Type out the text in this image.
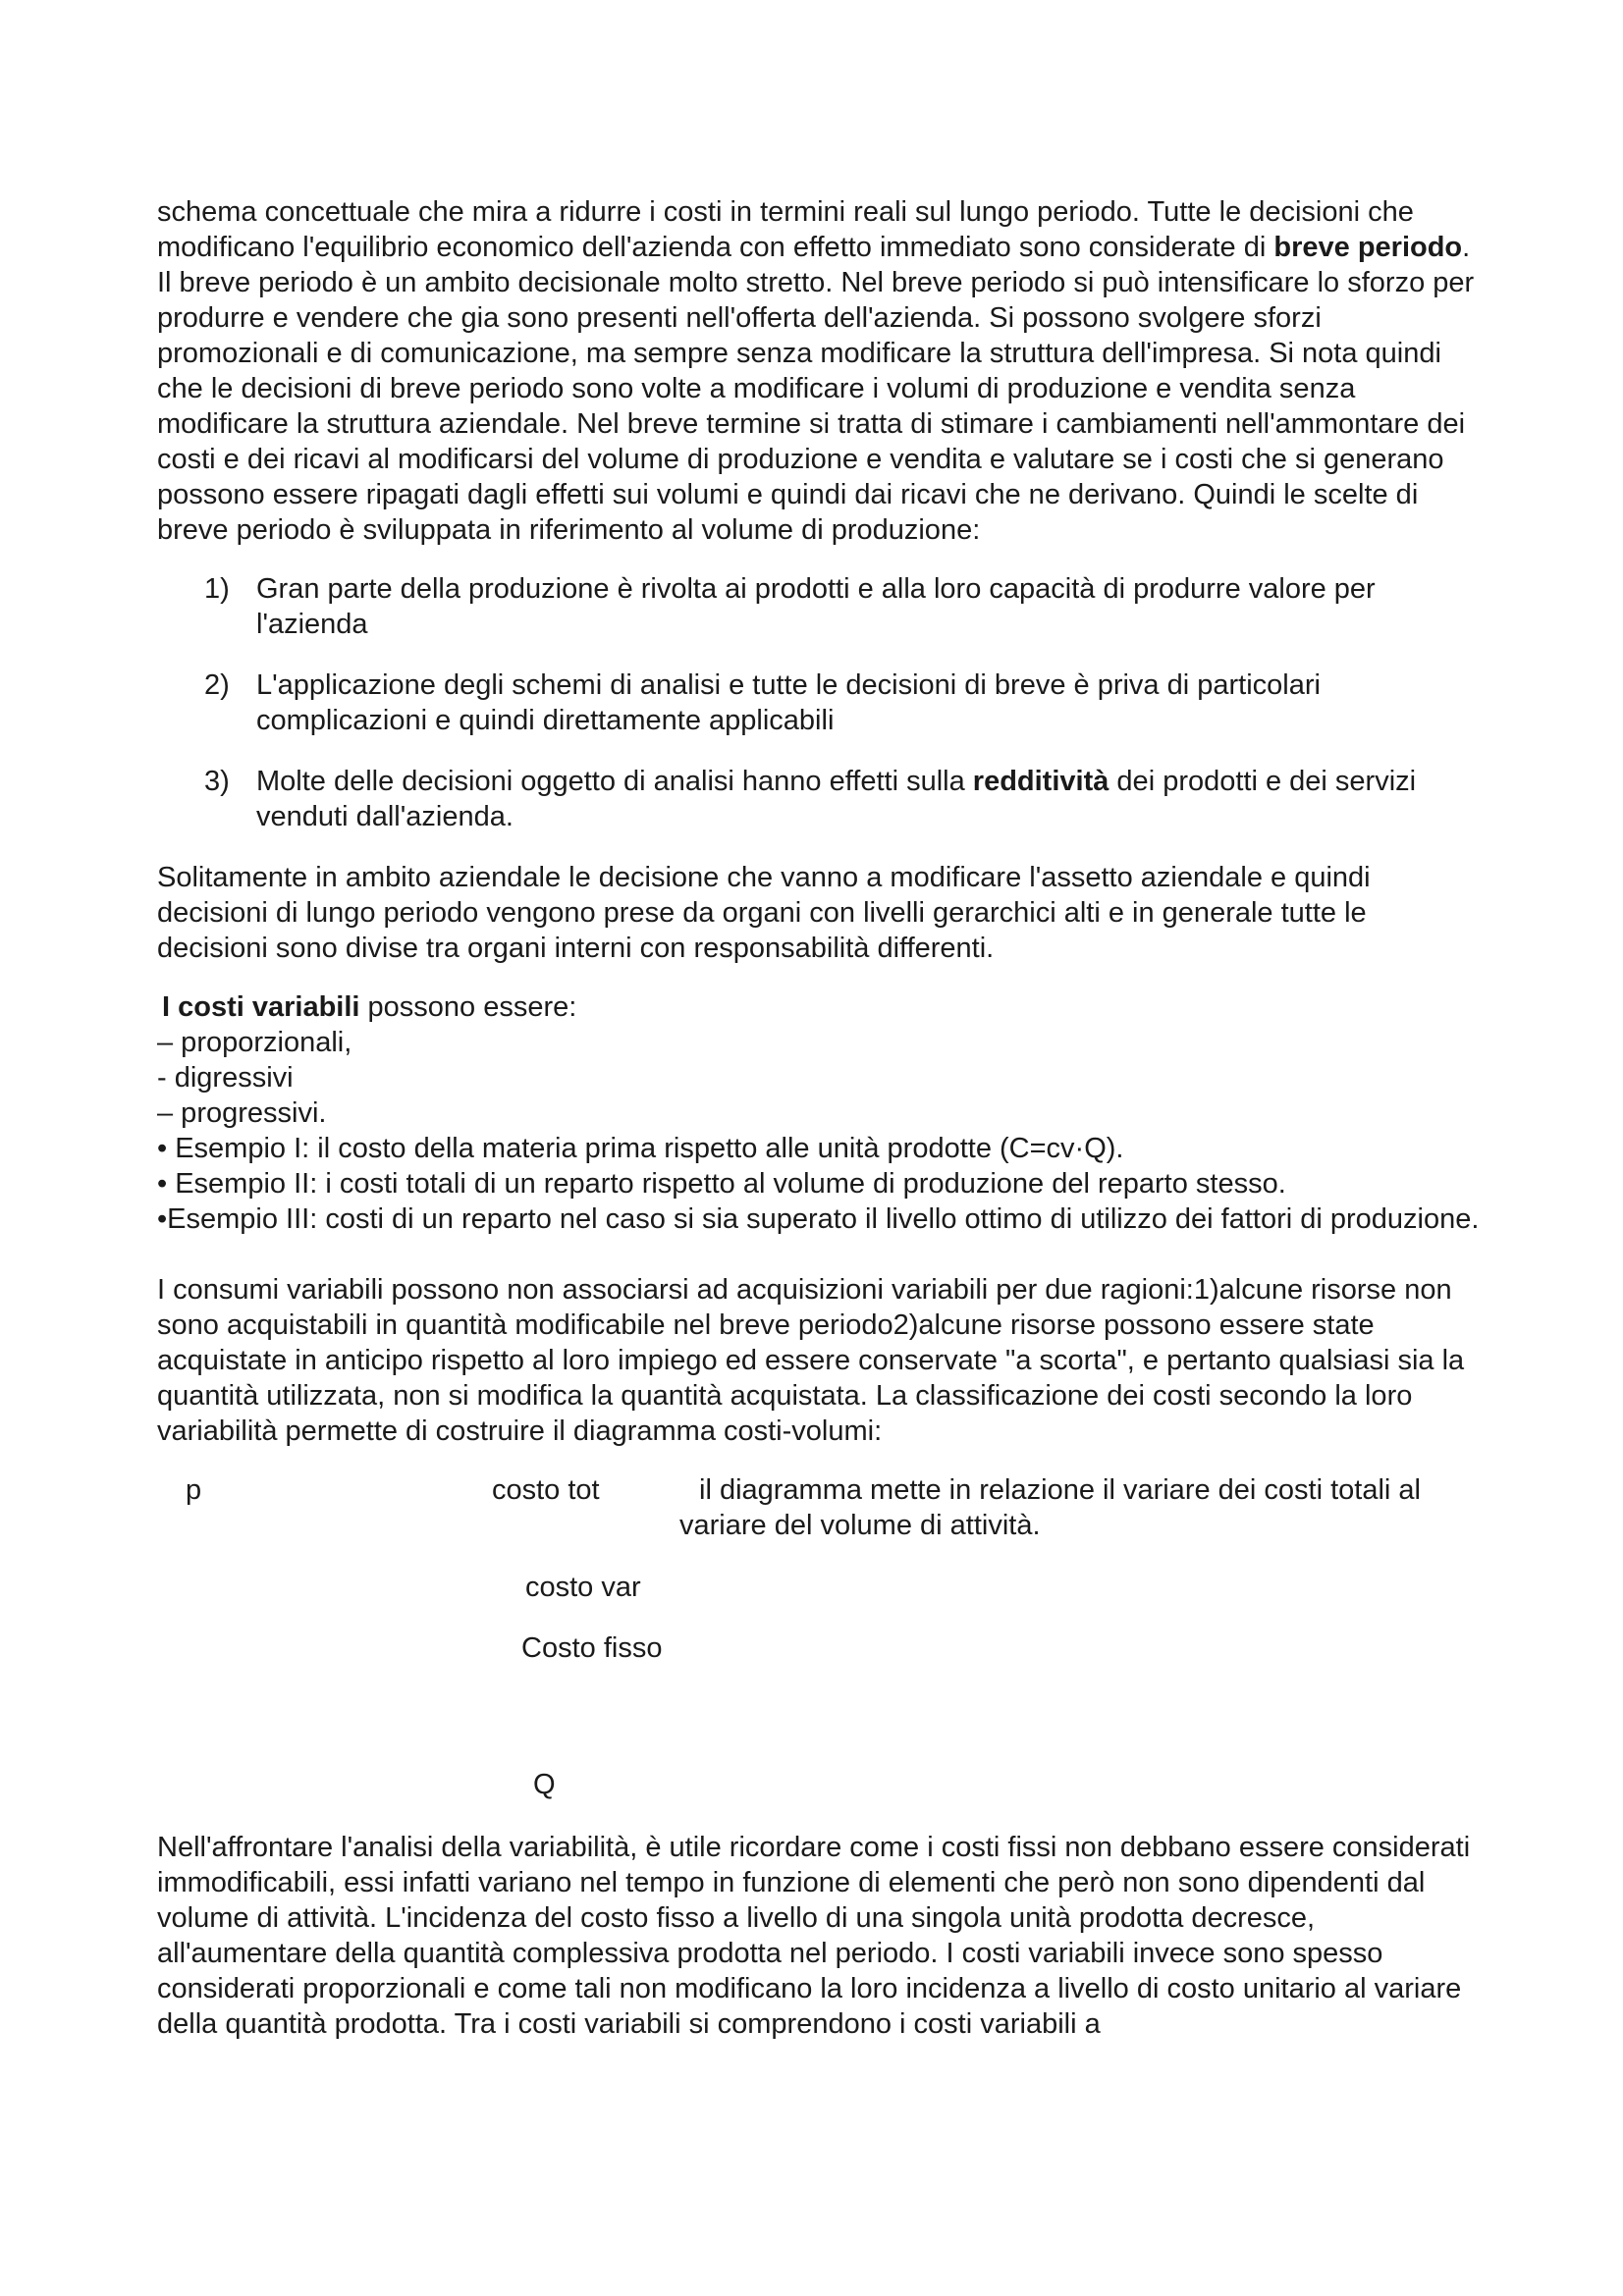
schema concettuale che mira a ridurre i costi in termini reali sul lungo periodo. Tutte le decisioni che modificano l'equilibrio economico dell'azienda con effetto immediato sono considerate di breve periodo. Il breve periodo è un ambito decisionale molto stretto. Nel breve periodo si può intensificare lo sforzo per produrre e vendere che gia sono presenti nell'offerta dell'azienda. Si possono svolgere sforzi promozionali e di comunicazione, ma sempre senza modificare la struttura dell'impresa. Si nota quindi che le decisioni di breve periodo sono volte a modificare i volumi di produzione e vendita senza modificare la struttura aziendale. Nel breve termine si tratta di stimare i cambiamenti nell'ammontare dei costi e dei ricavi al modificarsi del volume di produzione e vendita e valutare se i costi che si generano possono essere ripagati dagli effetti sui volumi e quindi dai ricavi che ne derivano. Quindi le scelte di breve periodo è sviluppata in riferimento al volume di produzione:

1) Gran parte della produzione è rivolta ai prodotti e alla loro capacità di produrre valore per l'azienda
2) L'applicazione degli schemi di analisi e tutte le decisioni di breve è priva di particolari complicazioni e quindi direttamente applicabili
3) Molte delle decisioni oggetto di analisi hanno effetti sulla redditività dei prodotti e dei servizi venduti dall'azienda.

Solitamente in ambito aziendale le decisione che vanno a modificare l'assetto aziendale e quindi decisioni di lungo periodo vengono prese da organi con livelli gerarchici alti e in generale tutte le decisioni sono divise tra organi interni con responsabilità differenti.

I costi variabili possono essere:
– proporzionali,
- digressivi
– progressivi.
• Esempio I: il costo della materia prima rispetto alle unità prodotte (C=cv·Q).
• Esempio II: i costi totali di un reparto rispetto al volume di produzione del reparto stesso.
•Esempio III: costi di un reparto nel caso si sia superato il livello ottimo di utilizzo dei fattori di produzione.

I consumi variabili possono non associarsi ad acquisizioni variabili per due ragioni:1)alcune risorse non sono acquistabili in quantità modificabile nel breve periodo2)alcune risorse possono essere state acquistate in anticipo rispetto al loro impiego ed essere conservate "a scorta", e pertanto qualsiasi sia la quantità utilizzata, non si modifica la quantità acquistata. La classificazione dei costi secondo la loro variabilità permette di costruire il diagramma costi-volumi:

p	costo tot	il diagramma mette in relazione il variare dei costi totali al variare del volume di attività.
costo var
Costo fisso
Q

Nell'affrontare l'analisi della variabilità, è utile ricordare come i costi fissi non debbano essere considerati immodificabili, essi infatti variano nel tempo in funzione di elementi che però non sono dipendenti dal volume di attività. L'incidenza del costo fisso a livello di una singola unità prodotta decresce, all'aumentare della quantità complessiva prodotta nel periodo. I costi variabili invece sono spesso considerati proporzionali e come tali non modificano la loro incidenza a livello di costo unitario al variare della quantità prodotta. Tra i costi variabili si comprendono i costi variabili a
